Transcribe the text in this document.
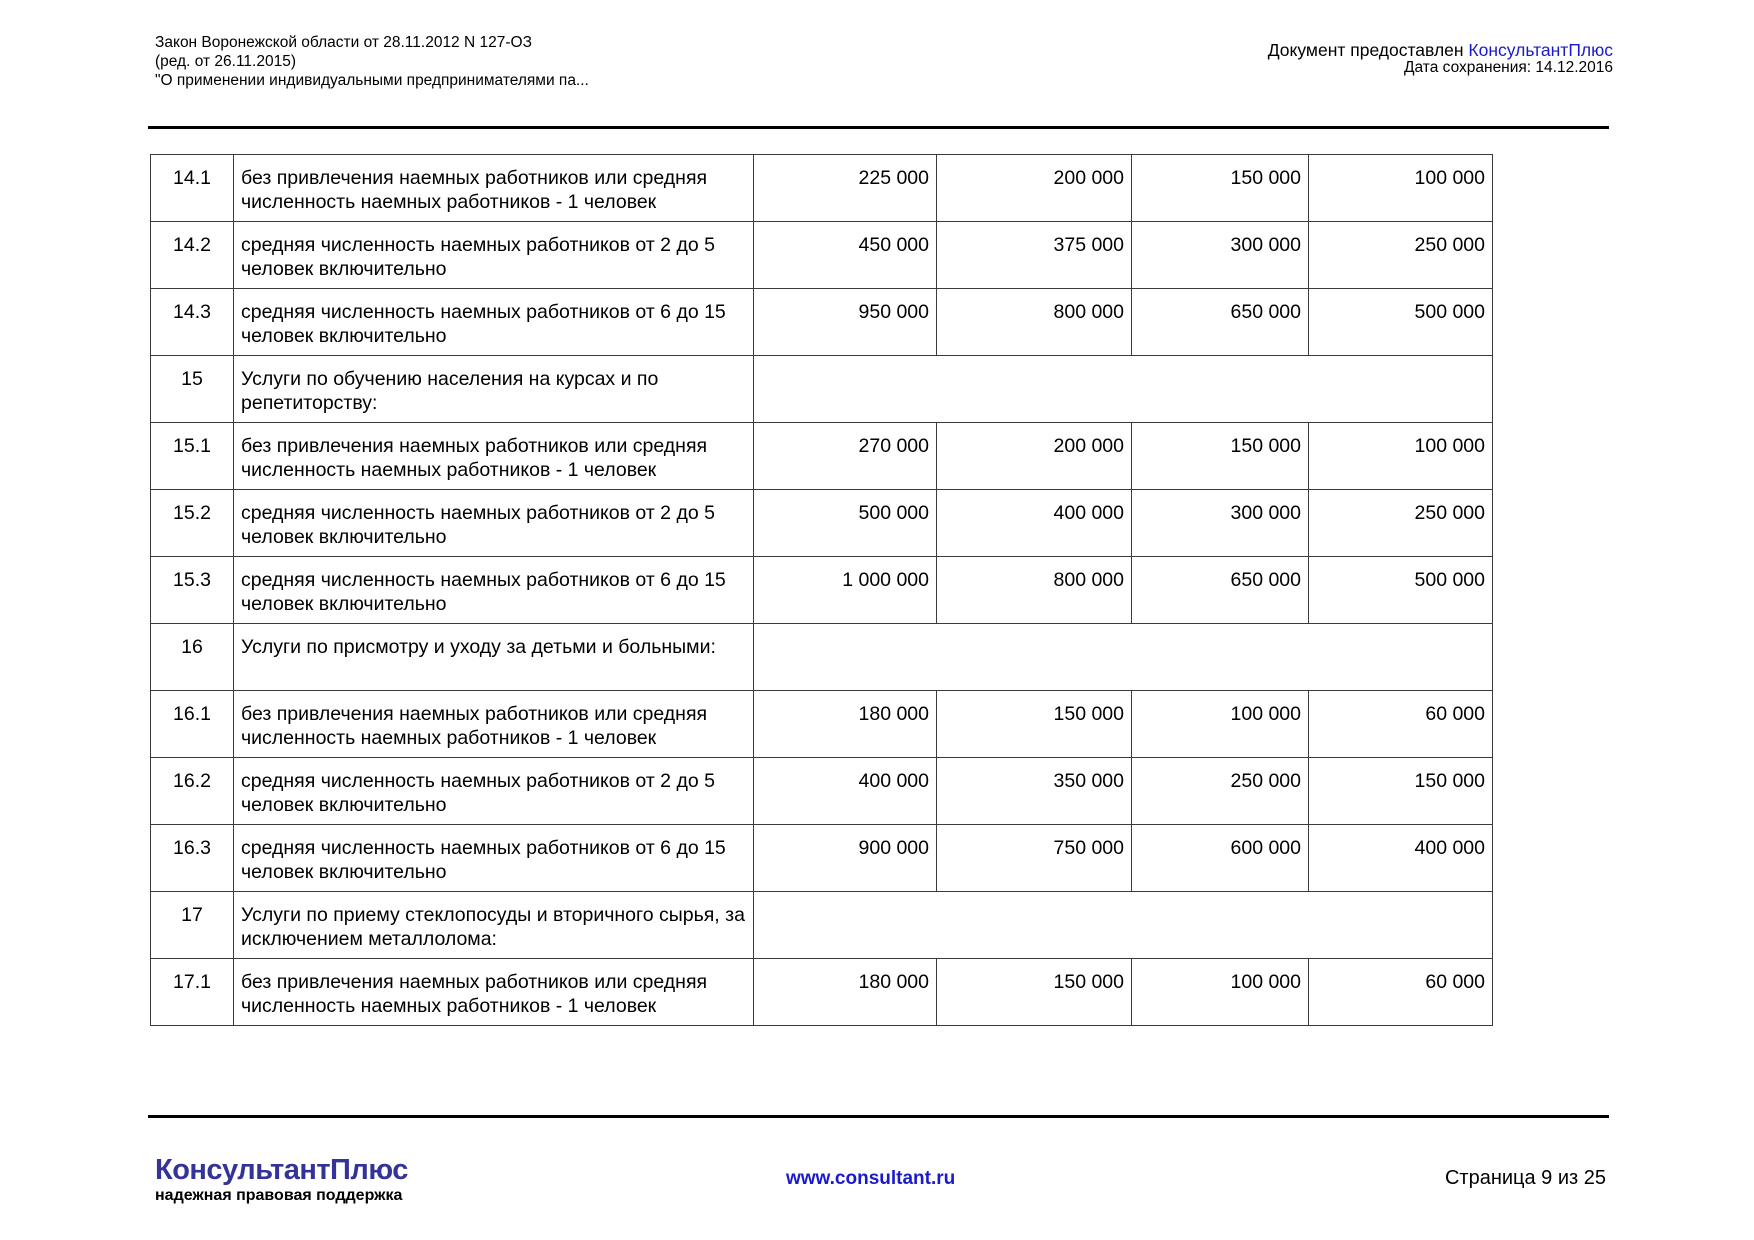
Закон Воронежской области от 28.11.2012 N 127-ОЗ
(ред. от 26.11.2015)
"О применении индивидуальными предпринимателями па...
Документ предоставлен КонсультантПлюс
Дата сохранения: 14.12.2016
14.1	без привлечения наемных работников или средняя численность наемных работников - 1 человек	225 000	200 000	150 000	100 000
14.2	средняя численность наемных работников от 2 до 5 человек включительно	450 000	375 000	300 000	250 000
14.3	средняя численность наемных работников от 6 до 15 человек включительно	950 000	800 000	650 000	500 000
15	Услуги по обучению населения на курсах и по репетиторству:				
15.1	без привлечения наемных работников или средняя численность наемных работников - 1 человек	270 000	200 000	150 000	100 000
15.2	средняя численность наемных работников от 2 до 5 человек включительно	500 000	400 000	300 000	250 000
15.3	средняя численность наемных работников от 6 до 15 человек включительно	1 000 000	800 000	650 000	500 000
16	Услуги по присмотру и уходу за детьми и больными:				
16.1	без привлечения наемных работников или средняя численность наемных работников - 1 человек	180 000	150 000	100 000	60 000
16.2	средняя численность наемных работников от 2 до 5 человек включительно	400 000	350 000	250 000	150 000
16.3	средняя численность наемных работников от 6 до 15 человек включительно	900 000	750 000	600 000	400 000
17	Услуги по приему стеклопосуды и вторичного сырья, за исключением металлолома:				
17.1	без привлечения наемных работников или средняя численность наемных работников - 1 человек	180 000	150 000	100 000	60 000
КонсультантПлюс
надежная правовая поддержка
www.consultant.ru	Страница 9 из 25
